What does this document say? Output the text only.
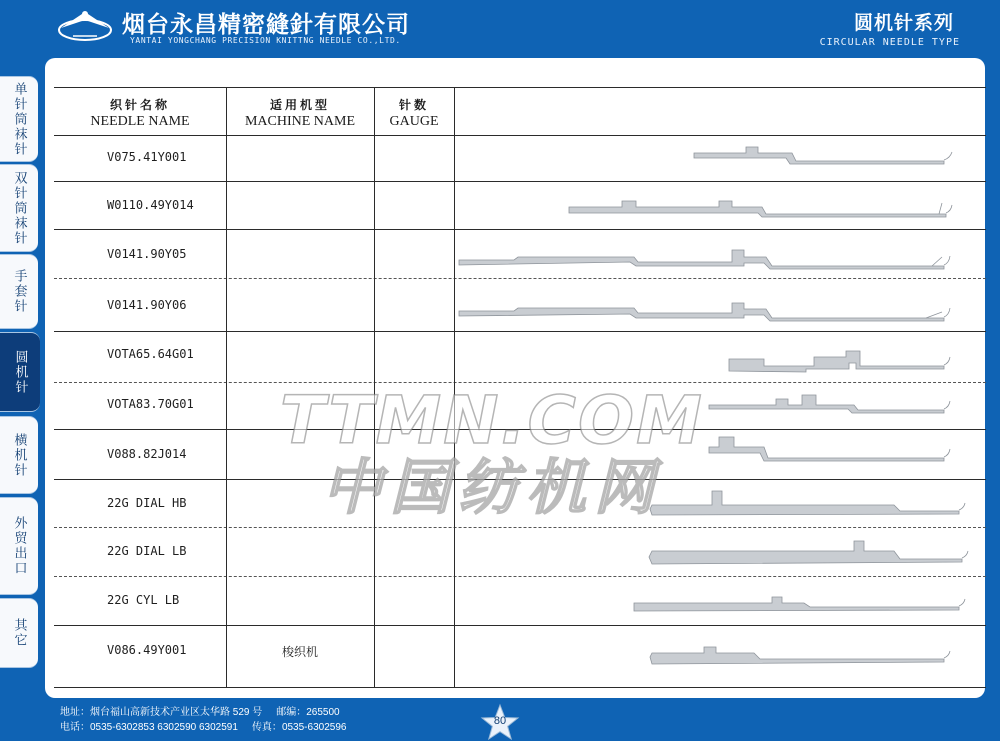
烟台永昌精密縫針有限公司
YANTAI YONGCHANG PRECISION KNITTNG NEEDLE CO.,LTD.
圆机针系列
CIRCULAR NEEDLE TYPE
单针筒袜针
双针筒袜针
手套针
圆机针
横机针
外贸出口
其它
织针名称
NEEDLE NAME
适用机型
MACHINE NAME
针数
GAUGE
V075.41Y001
W0110.49Y014
V0141.90Y05
V0141.90Y06
VOTA65.64G01
VOTA83.70G01
V088.82J014
22G DIAL HB
22G DIAL LB
22G CYL LB
V086.49Y001	梭织机
TTMN.COM
中国纺机网
地址：烟台福山高新技术产业区太华路 529 号 邮编：265500
电话：0535-6302853 6302590 6302591 传真：0535-6302596
80
